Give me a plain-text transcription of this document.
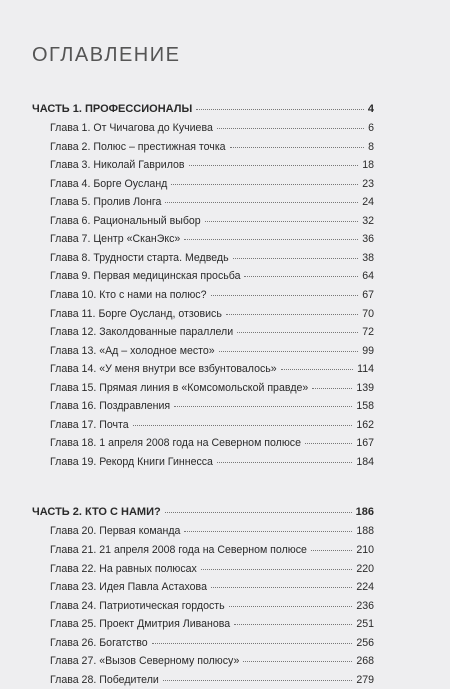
ОГЛАВЛЕНИЕ
ЧАСТЬ 1. ПРОФЕССИОНАЛЫ	4
Глава 1. От Чичагова до Кучиева	6
Глава 2. Полюс – престижная точка	8
Глава 3. Николай Гаврилов	18
Глава 4. Борге Оусланд	23
Глава 5. Пролив Лонга	24
Глава 6. Рациональный выбор	32
Глава 7. Центр «СканЭкс»	36
Глава 8. Трудности старта. Медведь	38
Глава 9. Первая медицинская просьба	64
Глава 10. Кто с нами на полюс?	67
Глава 11. Борге Оусланд, отзовись	70
Глава 12. Заколдованные параллели	72
Глава 13. «Ад – холодное место»	99
Глава 14. «У меня внутри все взбунтовалось»	114
Глава 15. Прямая линия в «Комсомольской правде»	139
Глава 16. Поздравления	158
Глава 17. Почта	162
Глава 18. 1 апреля 2008 года на Северном полюсе	167
Глава 19. Рекорд Книги Гиннесса	184
ЧАСТЬ 2. КТО С НАМИ?	186
Глава 20. Первая команда	188
Глава 21. 21 апреля 2008 года на Северном полюсе	210
Глава 22. На равных полюсах	220
Глава 23. Идея Павла Астахова	224
Глава 24. Патриотическая гордость	236
Глава 25. Проект Дмитрия Ливанова	251
Глава 26. Богатство	256
Глава 27. «Вызов Северному полюсу»	268
Глава 28. Победители	279
